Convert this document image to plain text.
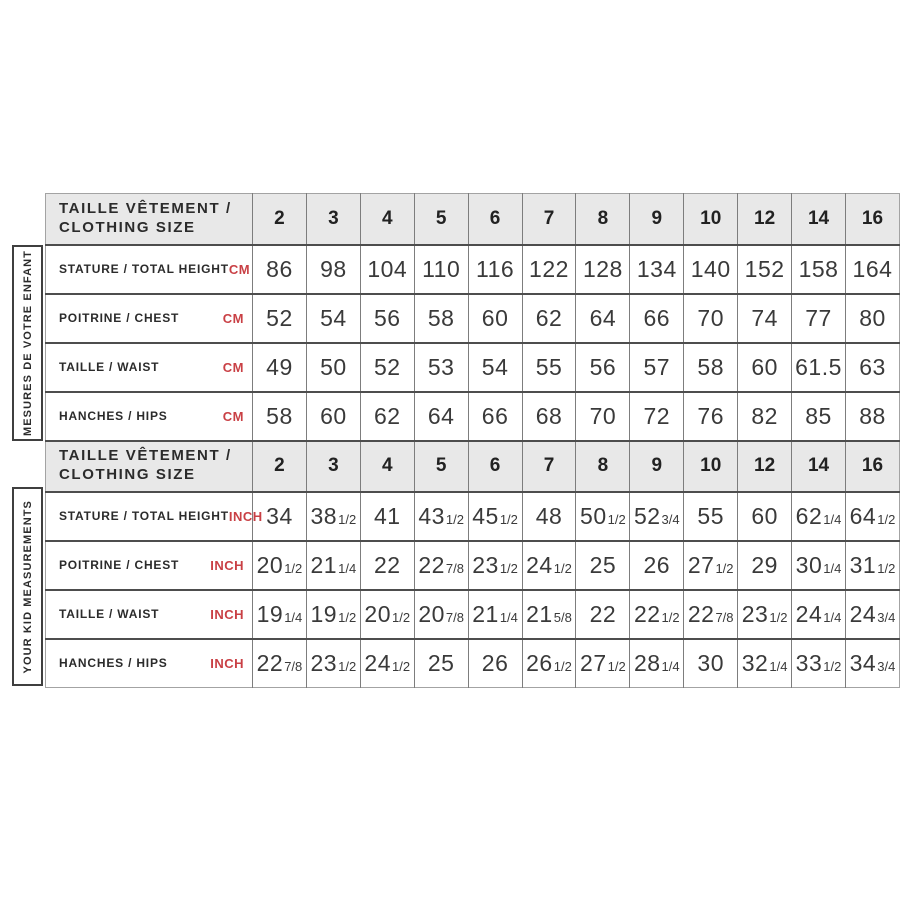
MESURES DE VOTRE ENFANT
YOUR KID MEASUREMENTS
TAILLE VÊTEMENT /
CLOTHING SIZE	2	3	4	5	6	7	8	9	10	12	14	16

STATURE / TOTAL HEIGHT CM	86	98	104	110	116	122	128	134	140	152	158	164

POITRINE / CHEST CM	52	54	56	58	60	62	64	66	70	74	77	80

TAILLE / WAIST CM	49	50	52	53	54	55	56	57	58	60	61.5	63

HANCHES / HIPS CM	58	60	62	64	66	68	70	72	76	82	85	88

TAILLE VÊTEMENT /
CLOTHING SIZE	2	3	4	5	6	7	8	9	10	12	14	16

STATURE / TOTAL HEIGHT INCH	34	381/2	41	431/2	451/2	48	501/2	523/4	55	60	621/4	641/2

POITRINE / CHEST INCH	201/2	211/4	22	227/8	231/2	241/2	25	26	271/2	29	301/4	311/2

TAILLE / WAIST INCH	191/4	191/2	201/2	207/8	211/4	215/8	22	221/2	227/8	231/2	241/4	243/4

HANCHES / HIPS INCH	227/8	231/2	241/2	25	26	261/2	271/2	281/4	30	321/4	331/2	343/4
